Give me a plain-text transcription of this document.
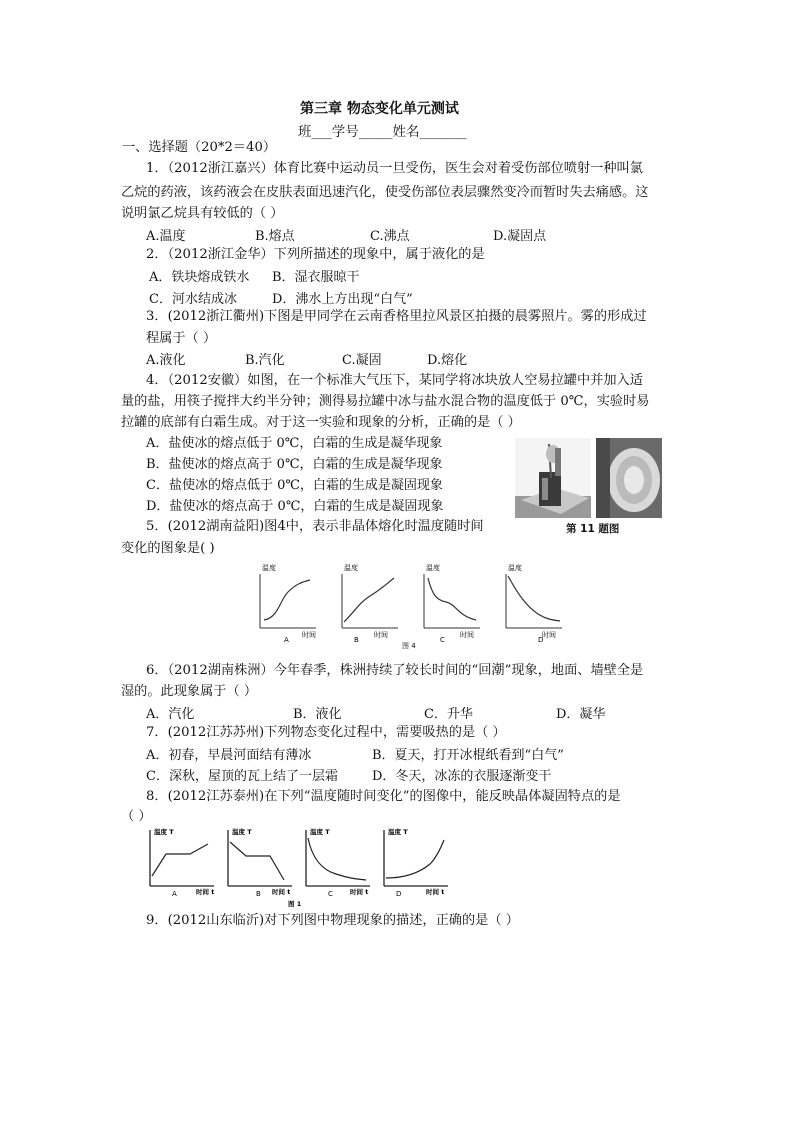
第三章 物态变化单元测试
班___学号_____姓名_______
一、选择题（20*2＝40）
1．（2012浙江嘉兴）体育比赛中运动员一旦受伤，医生会对着受伤部位喷射一种叫氯
乙烷的药液，该药液会在皮肤表面迅速汽化，使受伤部位表层骤然变冷而暂时失去痛感。这
说明氯乙烷具有较低的（ ）
A.温度	B.熔点	C.沸点	D.凝固点
2．（2012浙江金华）下列所描述的现象中，属于液化的是
A．铁块熔成铁水 B．湿衣服晾干
C．河水结成冰	D．沸水上方出现“白气”
3．(2012浙江衢州)下图是甲同学在云南香格里拉风景区拍摄的晨雾照片。雾的形成过
程属于（ ）
A.液化	B.汽化	C.凝固	D.熔化
4．（2012安徽）如图，在一个标准大气压下，某同学将冰块放人空易拉罐中并加入适
量的盐，用筷子搅拌大约半分钟；测得易拉罐中冰与盐水混合物的温度低于 0℃，实验时易
拉罐的底部有白霜生成。对于这一实验和现象的分析，正确的是（ ）
A．盐使冰的熔点低于 0℃，白霜的生成是凝华现象
B．盐使冰的熔点高于 0℃，白霜的生成是凝华现象
C．盐使冰的熔点低于 0℃，白霜的生成是凝固现象
D．盐使冰的熔点高于 0℃，白霜的生成是凝固现象
第 11 题图
5．(2012湖南益阳)图4中，表示非晶体熔化时温度随时间
变化的图象是( )
温度
时间
A
温度
时间
B
温度
时间
C
图 4
温度
时间
D
6．（2012湖南株洲）今年春季，株洲持续了较长时间的“回潮”现象，地面、墙壁全是
湿的。此现象属于（ ）
A．汽化	B．液化	C．升华	D．凝华
7．(2012江苏苏州)下列物态变化过程中，需要吸热的是（ ）
A．初春，早晨河面结有薄冰	B．夏天，打开冰棍纸看到“白气”
C．深秋，屋顶的瓦上结了一层霜	D．冬天，冰冻的衣服逐渐变干
8．(2012江苏泰州)在下列“温度随时间变化”的图像中，能反映晶体凝固特点的是
（ ）
温度 T
时间 t
A
温度 T
时间 t
B
温度 T
时间 t
C
图 1
温度 T
时间 t
D
9．(2012山东临沂)对下列图中物理现象的描述，正确的是（ ）
